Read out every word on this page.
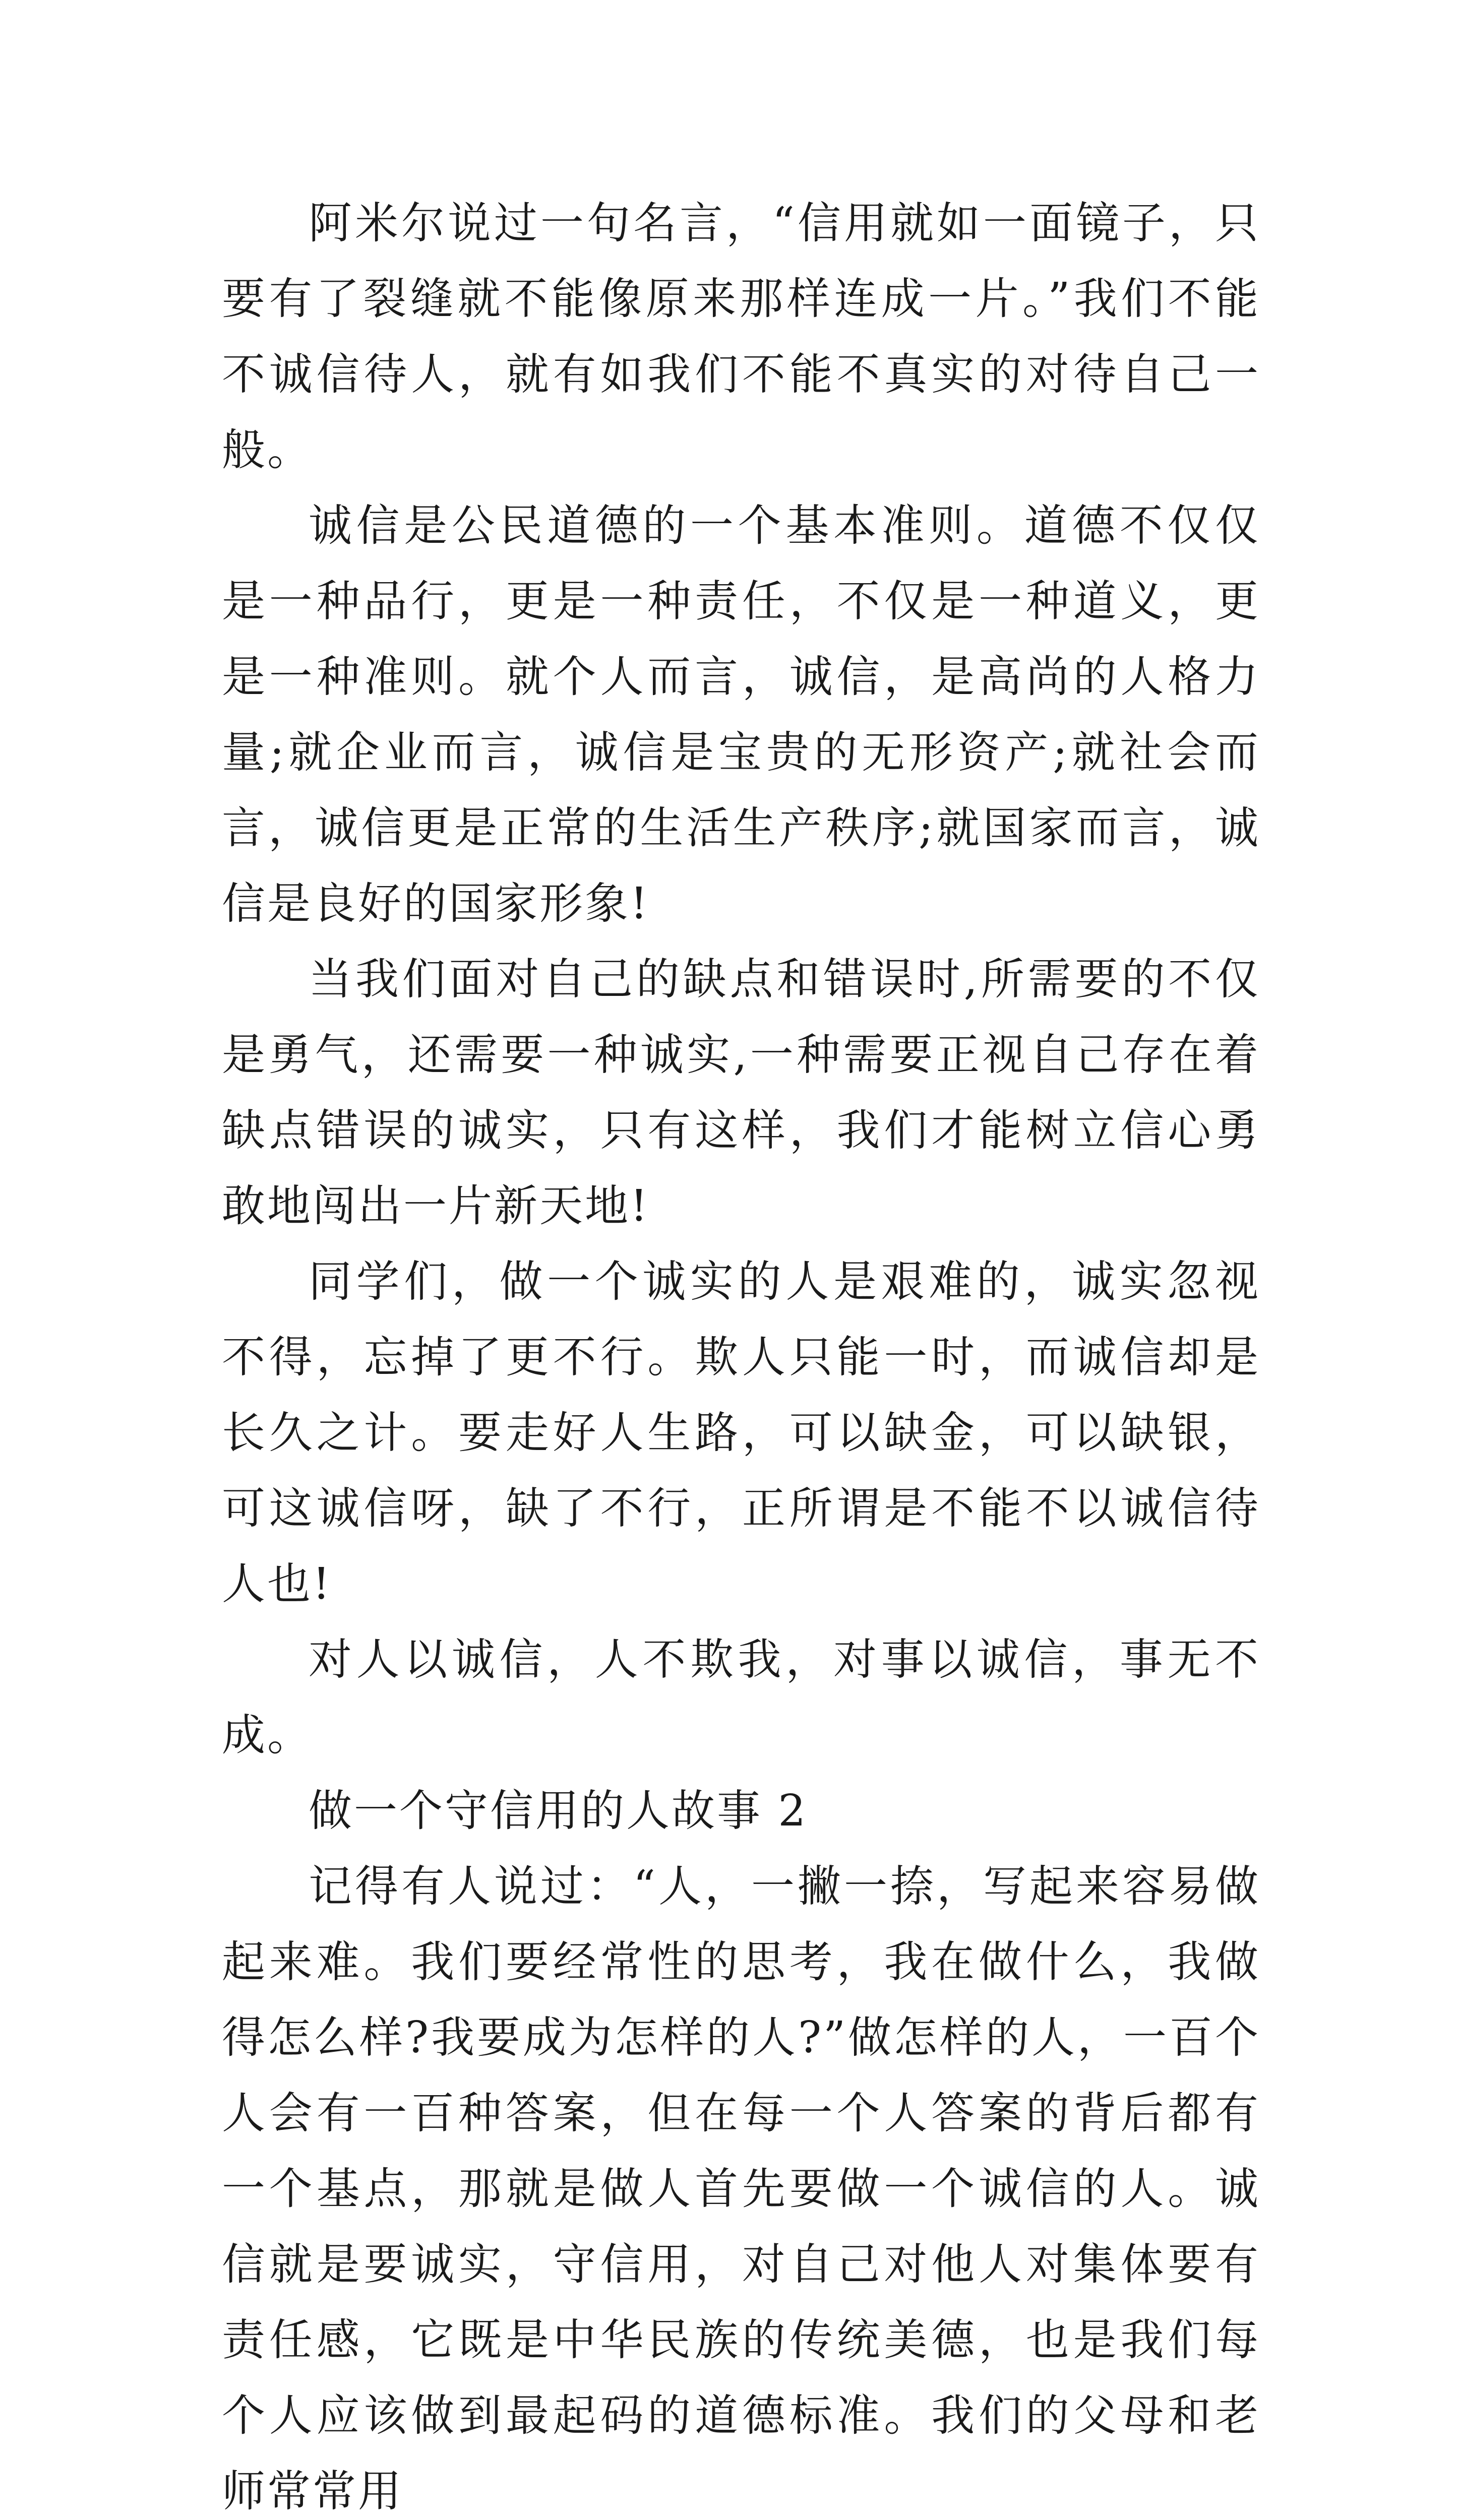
阿米尔说过一句名言，“信用就如一面镜子，只要有了裂缝就不能像原来那样连成一片。”我们不能不诚信待人，就有如我们不能不真实的对待自己一般。

诚信是公民道德的一个基本准则。道德不仅仅是一种品行，更是一种责任，不仅是一种道义，更是一种准则。就个人而言，诚信，是高尚的人格力量;就企业而言，诚信是宝贵的无形资产;就社会而言，诚信更是正常的生活生产秩序;就国家而言，诚信是良好的国家形象!

当我们面对自己的缺点和错误时,所需要的不仅是勇气，还需要一种诚实,一种需要正视自己存在着缺点错误的诚实，只有这样，我们才能树立信心勇敢地闯出一片新天地!

同学们，做一个诚实的人是艰难的，诚实忽视不得，忘掉了更不行。欺人只能一时，而诚信却是长久之计。要走好人生路，可以缺金，可以缺银，可这诚信呀，缺了不行，正所谓是不能不以诚信待人也!

对人以诚信，人不欺我，对事以诚信，事无不成。

做一个守信用的人故事 2

记得有人说过：“人，一撇一捺，写起来容易做起来难。我们要经常性的思考，我在做什么，我做得怎么样?我要成为怎样的人?”做怎样的人，一百个人会有一百种答案，但在每一个人答案的背后都有一个基点，那就是做人首先要做一个诚信的人。诚信就是要诚实，守信用，对自己对他人对集体要有责任感，它既是中华民族的传统美德，也是我们每个人应该做到最起码的道德标准。我们的父母和老师常常用
